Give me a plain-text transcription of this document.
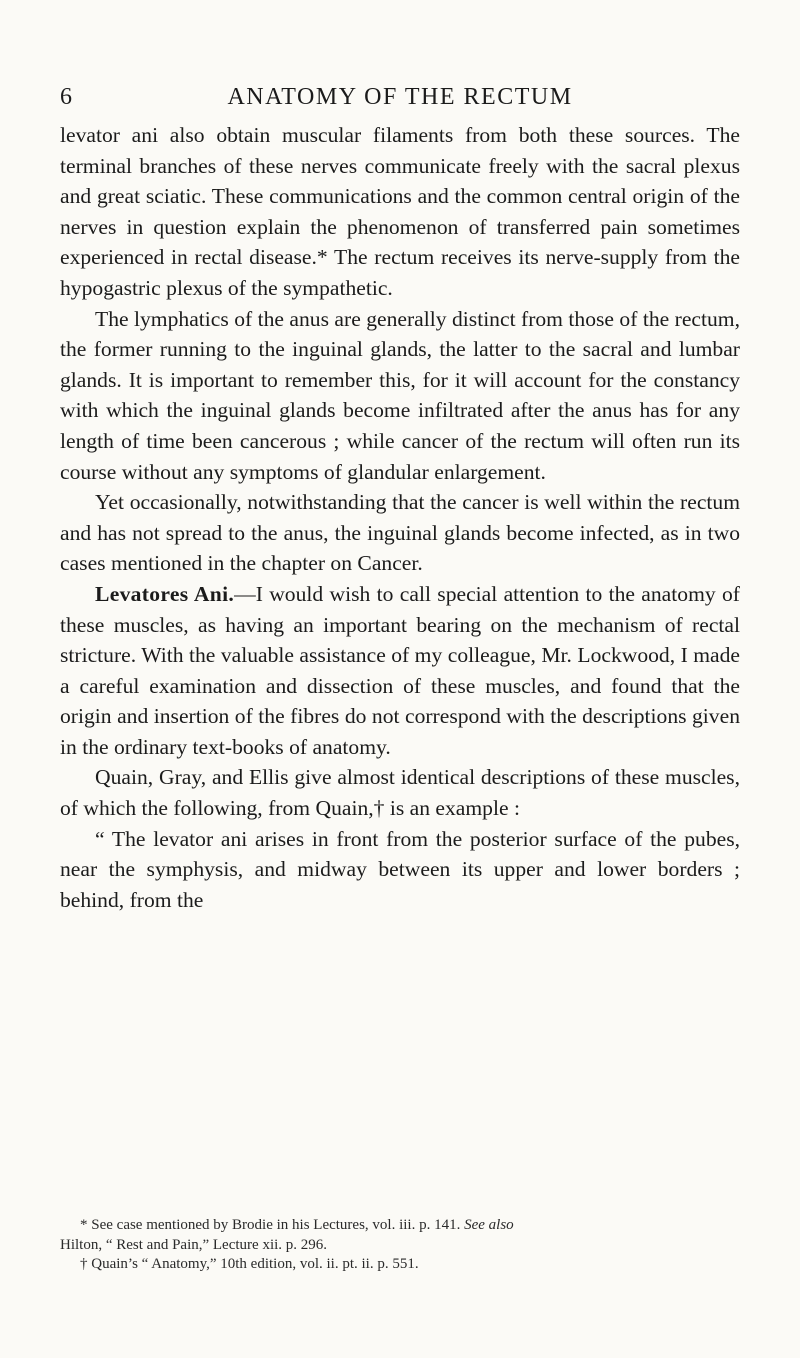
6	ANATOMY OF THE RECTUM

levator ani also obtain muscular filaments from both these sources. The terminal branches of these nerves communicate freely with the sacral plexus and great sciatic. These communications and the common central origin of the nerves in question explain the phenomenon of transferred pain sometimes experienced in rectal disease.* The rectum receives its nerve-supply from the hypogastric plexus of the sympathetic.

The lymphatics of the anus are generally distinct from those of the rectum, the former running to the inguinal glands, the latter to the sacral and lumbar glands. It is important to remember this, for it will account for the constancy with which the inguinal glands become infiltrated after the anus has for any length of time been cancerous ; while cancer of the rectum will often run its course without any symptoms of glandular enlargement.

Yet occasionally, notwithstanding that the cancer is well within the rectum and has not spread to the anus, the inguinal glands become infected, as in two cases mentioned in the chapter on Cancer.

Levatores Ani.—I would wish to call special attention to the anatomy of these muscles, as having an important bearing on the mechanism of rectal stricture. With the valuable assistance of my colleague, Mr. Lockwood, I made a careful examination and dissection of these muscles, and found that the origin and insertion of the fibres do not correspond with the descriptions given in the ordinary text-books of anatomy.

Quain, Gray, and Ellis give almost identical descriptions of these muscles, of which the following, from Quain,† is an example :

“ The levator ani arises in front from the posterior surface of the pubes, near the symphysis, and midway between its upper and lower borders ; behind, from the

* See case mentioned by Brodie in his Lectures, vol. iii. p. 141. See also

Hilton, “ Rest and Pain,” Lecture xii. p. 296.

† Quain’s “ Anatomy,” 10th edition, vol. ii. pt. ii. p. 551.
